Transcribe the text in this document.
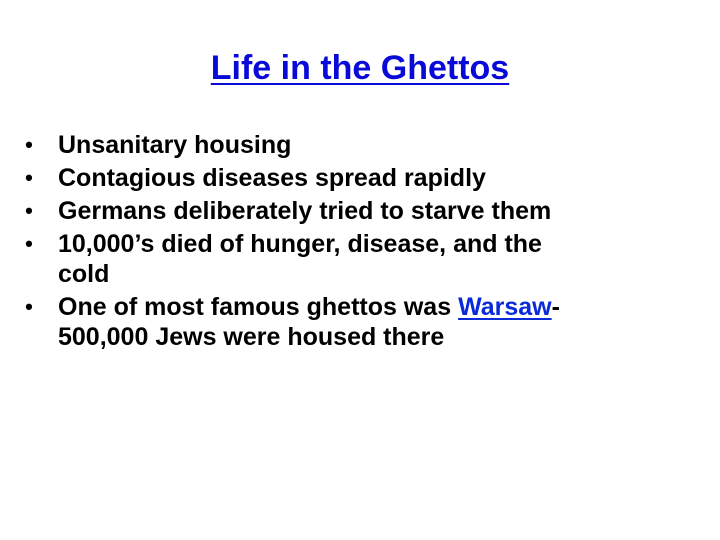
Life in the Ghettos
• Unsanitary housing
• Contagious diseases spread rapidly
• Germans deliberately tried to starve them
• 10,000’s died of hunger, disease, and the
cold
• One of most famous ghettos was Warsaw-
500,000 Jews were housed there
